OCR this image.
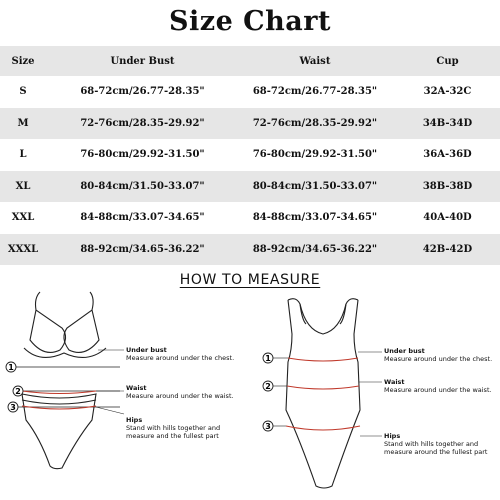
Size Chart
Size	Under Bust	Waist	Cup
S	68-72cm/26.77-28.35"	68-72cm/26.77-28.35"	32A-32C
M	72-76cm/28.35-29.92"	72-76cm/28.35-29.92"	34B-34D
L	76-80cm/29.92-31.50"	76-80cm/29.92-31.50"	36A-36D
XL	80-84cm/31.50-33.07"	80-84cm/31.50-33.07"	38B-38D
XXL	84-88cm/33.07-34.65"	84-88cm/33.07-34.65"	40A-40D
XXXL	88-92cm/34.65-36.22"	88-92cm/34.65-36.22"	42B-42D
HOW TO MEASURE
1
2
3
1
2
3
Under bust
Measure around under the chest.
Waist
Measure around under the waist.
Hips
Stand with hills together and measure and the fullest part
Under bust
Measure around under the chest.
Waist
Measure around under the waist.
Hips
Stand with hills together and measure around the fullest part
